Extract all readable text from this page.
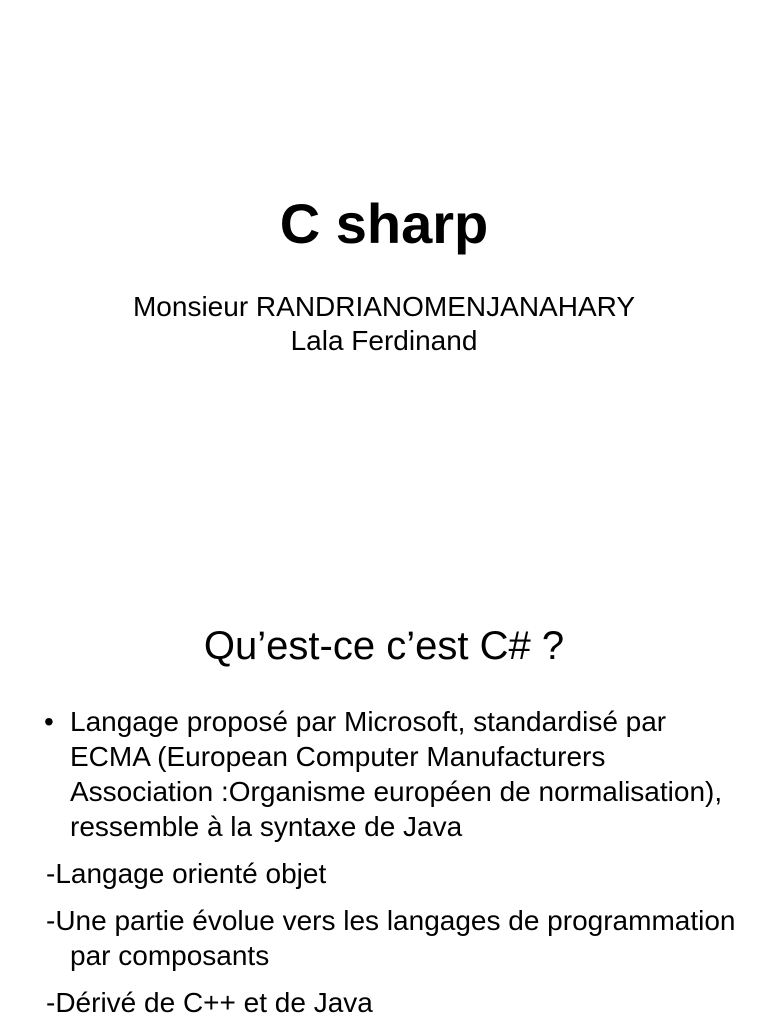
C sharp
Monsieur RANDRIANOMENJANAHARY
Lala Ferdinand
Qu’est-ce c’est C# ?
• Langage proposé par Microsoft, standardisé par ECMA (European Computer Manufacturers Association :Organisme européen de normalisation), ressemble à la syntaxe de Java
-Langage orienté objet
-Une partie évolue vers les langages de programmation par composants
-Dérivé de C++ et de Java
